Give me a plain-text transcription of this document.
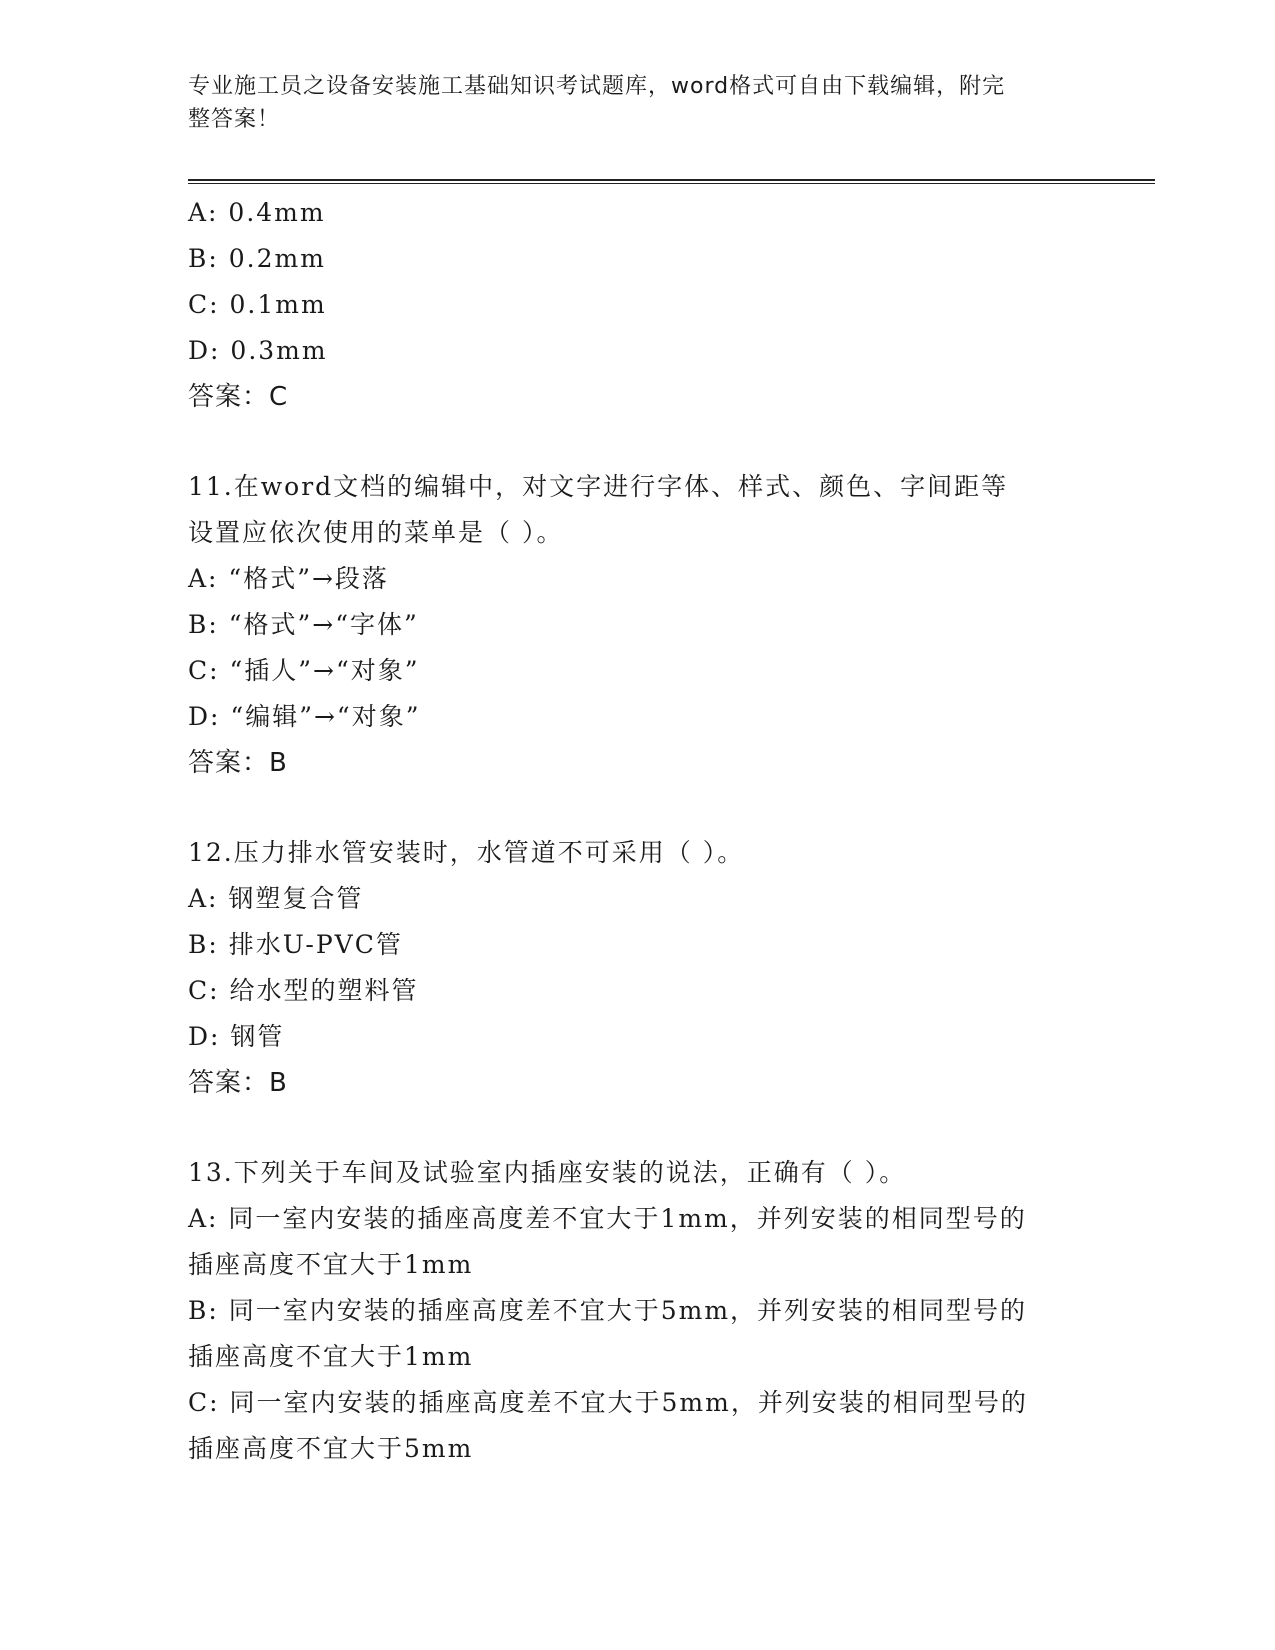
专业施工员之设备安装施工基础知识考试题库，word格式可自由下载编辑，附完
整答案！
A: 0.4mm
B: 0.2mm
C: 0.1mm
D: 0.3mm
答案：C
11.在word文档的编辑中，对文字进行字体、样式、颜色、字间距等
设置应依次使用的菜单是（ ）。
A: “格式”→段落
B: “格式”→“字体”
C: “插人”→“对象”
D: “编辑”→“对象”
答案：B
12.压力排水管安装时，水管道不可采用（ ）。
A: 钢塑复合管
B: 排水U-PVC管
C: 给水型的塑料管
D: 钢管
答案：B
13.下列关于车间及试验室内插座安装的说法，正确有（ ）。
A: 同一室内安装的插座高度差不宜大于1mm，并列安装的相同型号的
插座高度不宜大于1mm
B: 同一室内安装的插座高度差不宜大于5mm，并列安装的相同型号的
插座高度不宜大于1mm
C: 同一室内安装的插座高度差不宜大于5mm，并列安装的相同型号的
插座高度不宜大于5mm
